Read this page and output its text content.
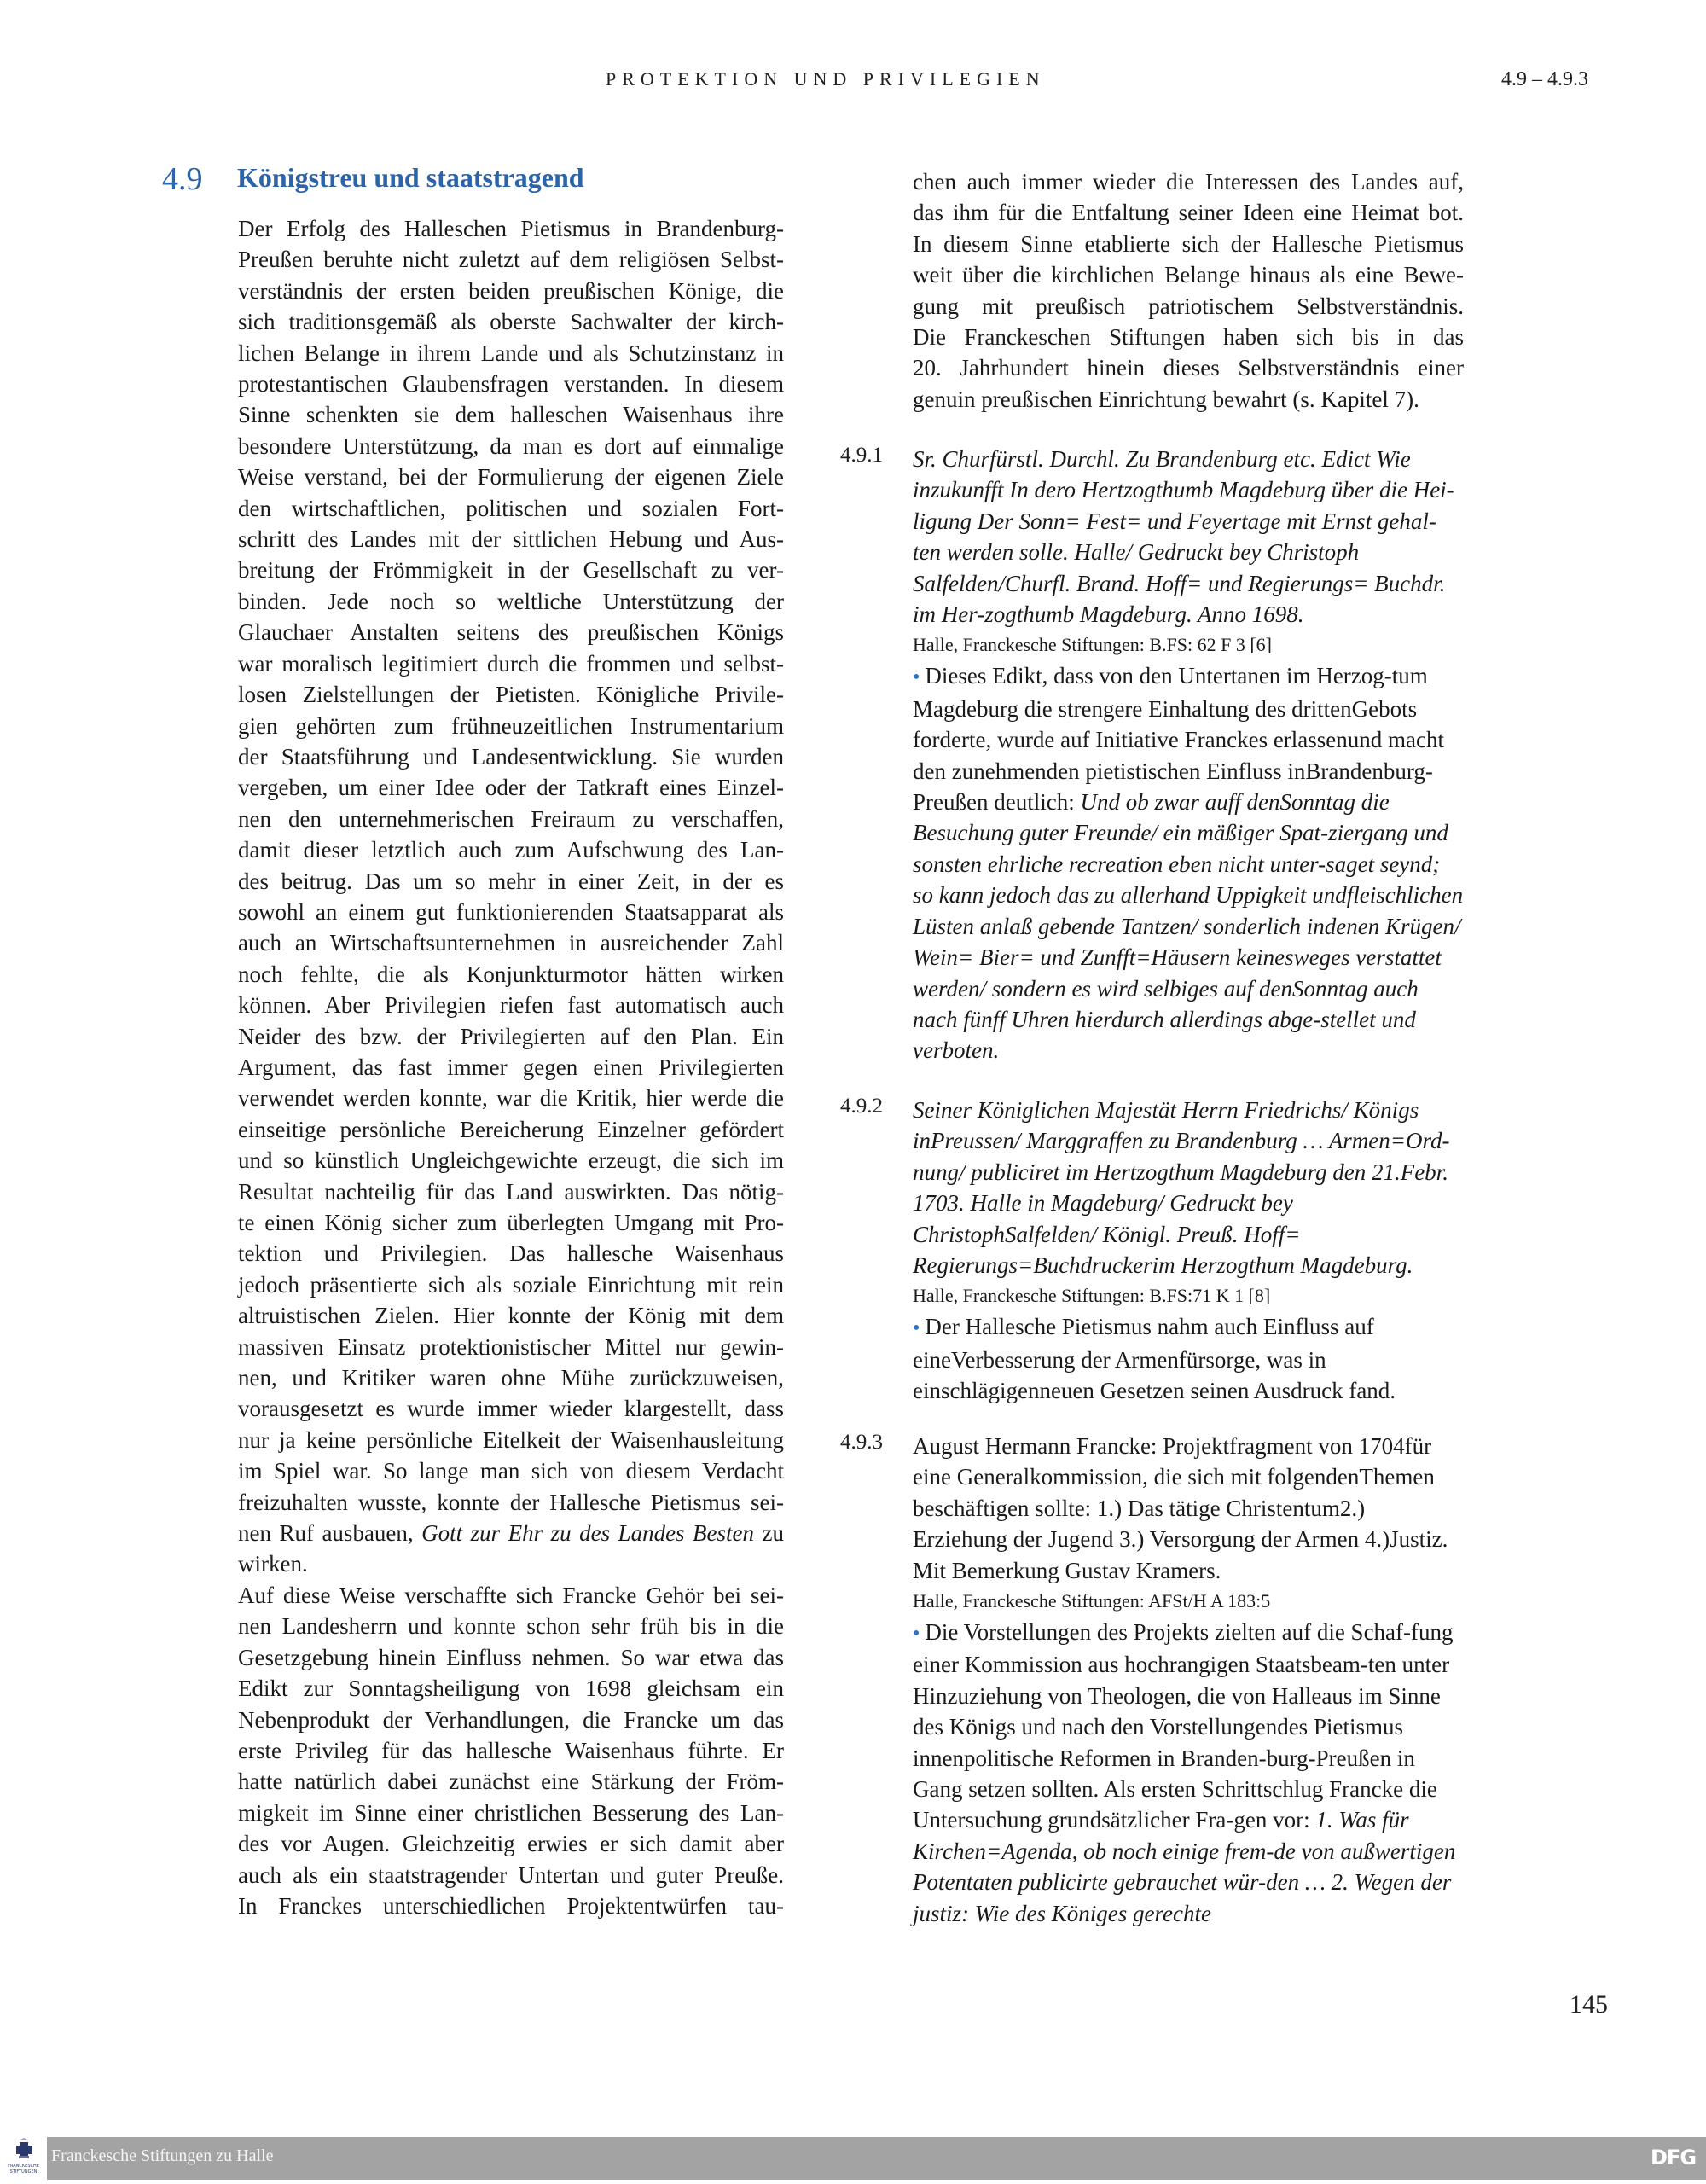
PROTEKTION UND PRIVILEGIEN	4.9 – 4.9.3
4.9 Königstreu und staatstragend
Der Erfolg des Halleschen Pietismus in Brandenburg-
Preußen beruhte nicht zuletzt auf dem religiösen Selbst-
verständnis der ersten beiden preußischen Könige, die
sich traditionsgemäß als oberste Sachwalter der kirch-
lichen Belange in ihrem Lande und als Schutzinstanz in
protestantischen Glaubensfragen verstanden. In diesem
Sinne schenkten sie dem halleschen Waisenhaus ihre
besondere Unterstützung, da man es dort auf einmalige
Weise verstand, bei der Formulierung der eigenen Ziele
den wirtschaftlichen, politischen und sozialen Fort-
schritt des Landes mit der sittlichen Hebung und Aus-
breitung der Frömmigkeit in der Gesellschaft zu ver-
binden. Jede noch so weltliche Unterstützung der
Glauchaer Anstalten seitens des preußischen Königs
war moralisch legitimiert durch die frommen und selbst-
losen Zielstellungen der Pietisten. Königliche Privile-
gien gehörten zum frühneuzeitlichen Instrumentarium
der Staatsführung und Landesentwicklung. Sie wurden
vergeben, um einer Idee oder der Tatkraft eines Einzel-
nen den unternehmerischen Freiraum zu verschaffen,
damit dieser letztlich auch zum Aufschwung des Lan-
des beitrug. Das um so mehr in einer Zeit, in der es
sowohl an einem gut funktionierenden Staatsapparat als
auch an Wirtschaftsunternehmen in ausreichender Zahl
noch fehlte, die als Konjunkturmotor hätten wirken
können. Aber Privilegien riefen fast automatisch auch
Neider des bzw. der Privilegierten auf den Plan. Ein
Argument, das fast immer gegen einen Privilegierten
verwendet werden konnte, war die Kritik, hier werde die
einseitige persönliche Bereicherung Einzelner gefördert
und so künstlich Ungleichgewichte erzeugt, die sich im
Resultat nachteilig für das Land auswirkten. Das nötig-
te einen König sicher zum überlegten Umgang mit Pro-
tektion und Privilegien. Das hallesche Waisenhaus
jedoch präsentierte sich als soziale Einrichtung mit rein
altruistischen Zielen. Hier konnte der König mit dem
massiven Einsatz protektionistischer Mittel nur gewin-
nen, und Kritiker waren ohne Mühe zurückzuweisen,
vorausgesetzt es wurde immer wieder klargestellt, dass
nur ja keine persönliche Eitelkeit der Waisenhausleitung
im Spiel war. So lange man sich von diesem Verdacht
freizuhalten wusste, konnte der Hallesche Pietismus sei-
nen Ruf ausbauen, Gott zur Ehr zu des Landes Besten zu
wirken.
Auf diese Weise verschaffte sich Francke Gehör bei sei-
nen Landesherrn und konnte schon sehr früh bis in die
Gesetzgebung hinein Einfluss nehmen. So war etwa das
Edikt zur Sonntagsheiligung von 1698 gleichsam ein
Nebenprodukt der Verhandlungen, die Francke um das
erste Privileg für das hallesche Waisenhaus führte. Er
hatte natürlich dabei zunächst eine Stärkung der Fröm-
migkeit im Sinne einer christlichen Besserung des Lan-
des vor Augen. Gleichzeitig erwies er sich damit aber
auch als ein staatstragender Untertan und guter Preuße.
In Franckes unterschiedlichen Projektentwürfen tau-
chen auch immer wieder die Interessen des Landes auf,
das ihm für die Entfaltung seiner Ideen eine Heimat bot.
In diesem Sinne etablierte sich der Hallesche Pietismus
weit über die kirchlichen Belange hinaus als eine Bewe-
gung mit preußisch patriotischem Selbstverständnis.
Die Franckeschen Stiftungen haben sich bis in das
20. Jahrhundert hinein dieses Selbstverständnis einer
genuin preußischen Einrichtung bewahrt (s. Kapitel 7).
4.9.1 Sr. Churfürstl. Durchl. Zu Brandenburg etc. Edict Wie inzukunfft In dero Hertzogthumb Magdeburg über die Hei-ligung Der Sonn= Fest= und Feyertage mit Ernst gehal-ten werden solle. Halle/ Gedruckt bey Christoph Salfelden/Churfl. Brand. Hoff= und Regierungs= Buchdr. im Her-zogthumb Magdeburg. Anno 1698.
Halle, Franckesche Stiftungen: B.FS: 62 F 3 [6]
• Dieses Edikt, dass von den Untertanen im Herzog-tum Magdeburg die strengere Einhaltung des drittenGebots forderte, wurde auf Initiative Franckes erlassenund macht den zunehmenden pietistischen Einfluss inBrandenburg-Preußen deutlich: Und ob zwar auff denSonntag die Besuchung guter Freunde/ ein mäßiger Spat-ziergang und sonsten ehrliche recreation eben nicht unter-saget seynd; so kann jedoch das zu allerhand Uppigkeit undfleischlichen Lüsten anlaß gebende Tantzen/ sonderlich indenen Krügen/ Wein= Bier= und Zunfft=Häusern keinesweges verstattet werden/ sondern es wird selbiges auf denSonntag auch nach fünff Uhren hierdurch allerdings abge-stellet und verboten.
4.9.2 Seiner Königlichen Majestät Herrn Friedrichs/ Königs inPreussen/ Marggraffen zu Brandenburg … Armen=Ord-nung/ publiciret im Hertzogthum Magdeburg den 21.Febr. 1703. Halle in Magdeburg/ Gedruckt bey ChristophSalfelden/ Königl. Preuß. Hoff= Regierungs=Buchdruckerim Herzogthum Magdeburg.
Halle, Franckesche Stiftungen: B.FS:71 K 1 [8]
• Der Hallesche Pietismus nahm auch Einfluss auf eineVerbesserung der Armenfürsorge, was in einschlägigenneuen Gesetzen seinen Ausdruck fand.
4.9.3 August Hermann Francke: Projektfragment von 1704für eine Generalkommission, die sich mit folgendenThemen beschäftigen sollte: 1.) Das tätige Christentum2.) Erziehung der Jugend 3.) Versorgung der Armen 4.)Justiz. Mit Bemerkung Gustav Kramers.
Halle, Franckesche Stiftungen: AFSt/H A 183:5
• Die Vorstellungen des Projekts zielten auf die Schaf-fung einer Kommission aus hochrangigen Staatsbeam-ten unter Hinzuziehung von Theologen, die von Halleaus im Sinne des Königs und nach den Vorstellungendes Pietismus innenpolitische Reformen in Branden-burg-Preußen in Gang setzen sollten. Als ersten Schrittschlug Francke die Untersuchung grundsätzlicher Fra-gen vor: 1. Was für Kirchen=Agenda, ob noch einige frem-de von außwertigen Potentaten publicirte gebrauchet wür-den … 2. Wegen der justiz: Wie des Königes gerechte
145
FRANCKESCHE
STIFTUNGEN
Franckesche Stiftungen zu Halle	DFG
